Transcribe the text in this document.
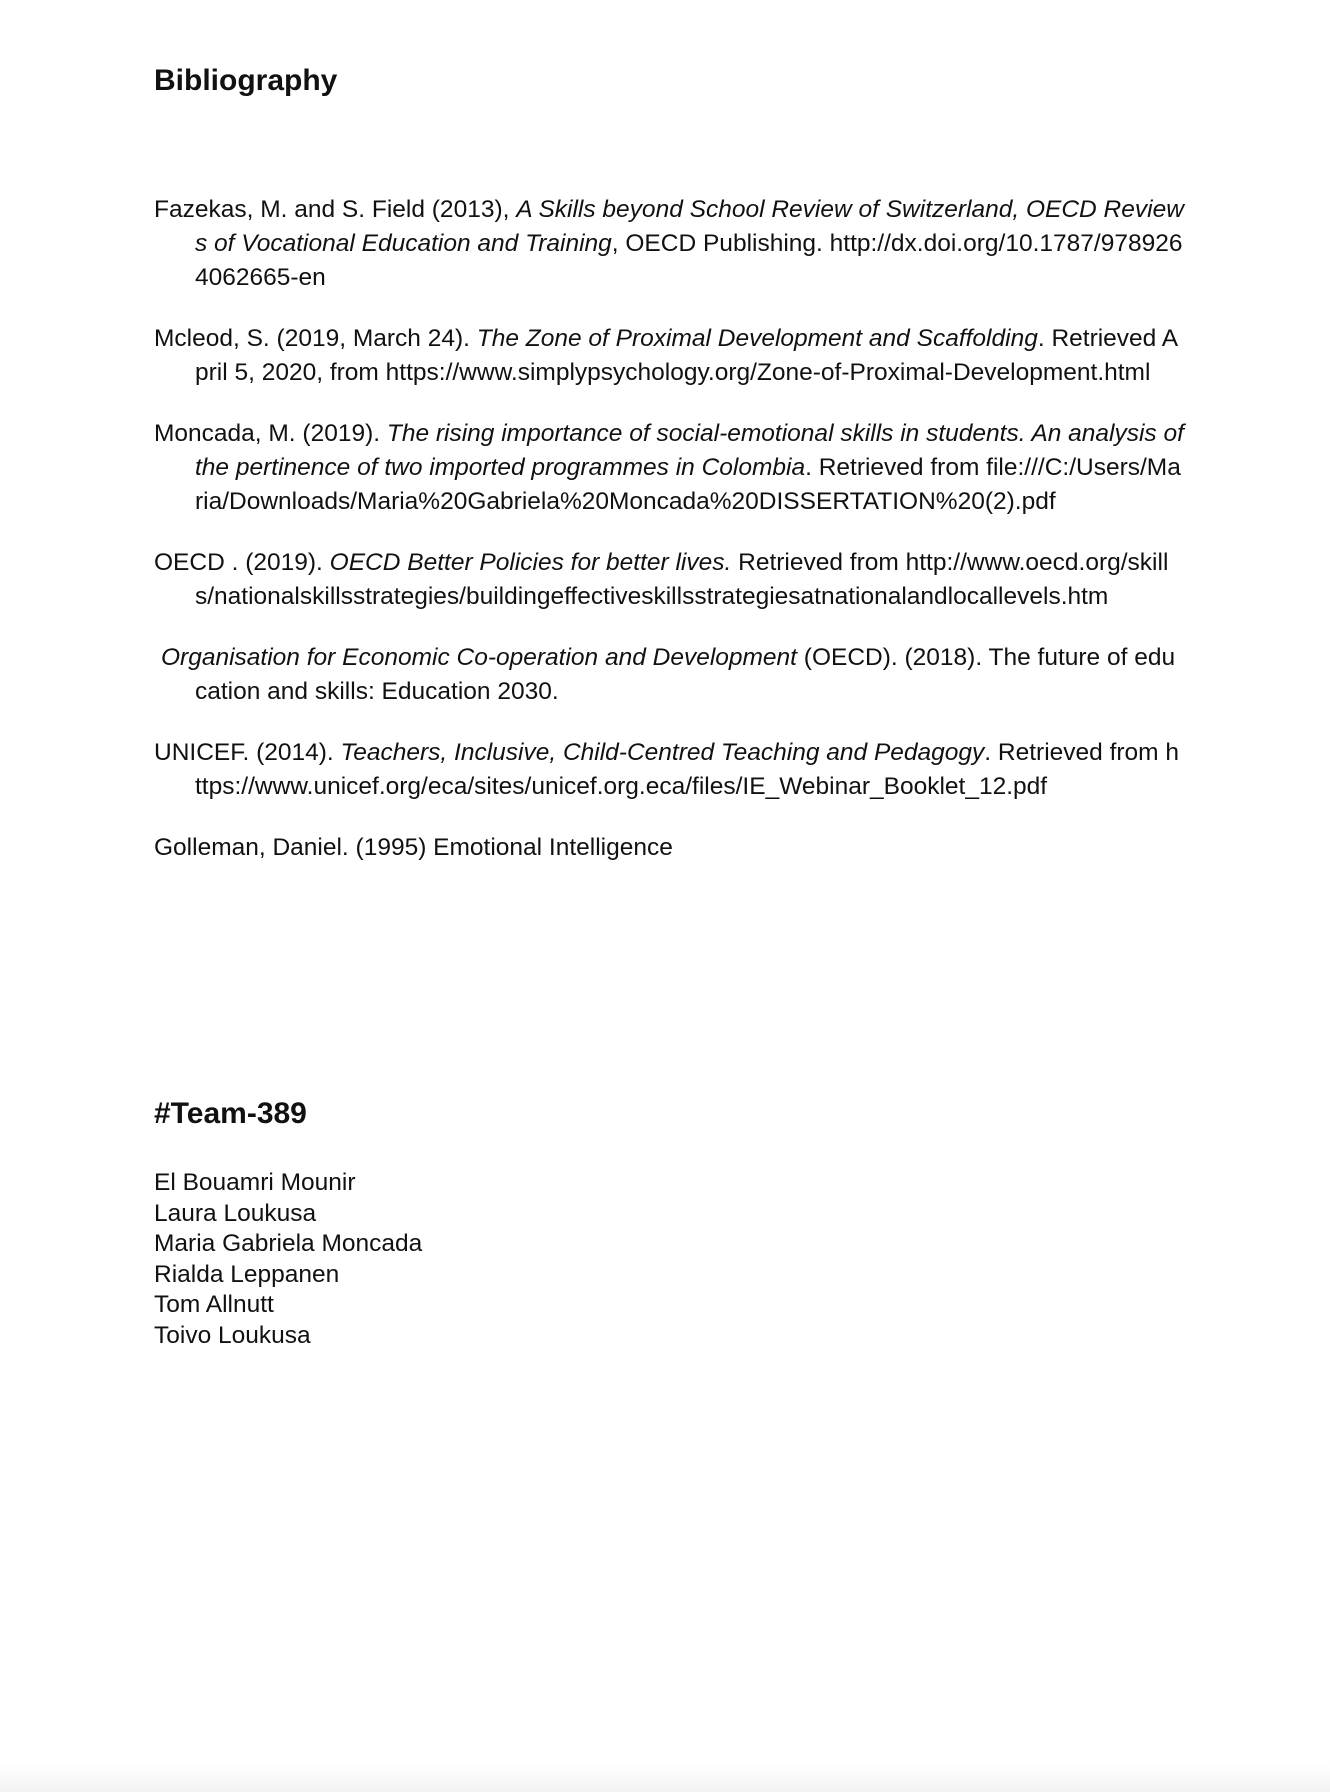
Bibliography
Fazekas, M. and S. Field (2013), A Skills beyond School Review of Switzerland, OECD Reviews of Vocational Education and Training, OECD Publishing. http://dx.doi.org/10.1787/9789264062665-en
Mcleod, S. (2019, March 24). The Zone of Proximal Development and Scaffolding. Retrieved April 5, 2020, from https://www.simplypsychology.org/Zone-of-Proximal-Development.html
Moncada, M. (2019). The rising importance of social-emotional skills in students. An analysis of the pertinence of two imported programmes in Colombia. Retrieved from file:///C:/Users/Maria/Downloads/Maria%20Gabriela%20Moncada%20DISSERTATION%20(2).pdf
OECD . (2019). OECD Better Policies for better lives. Retrieved from http://www.oecd.org/skills/nationalskillsstrategies/buildingeffectiveskillsstrategiesatnationalandlocallevels.htm
Organisation for Economic Co-operation and Development (OECD). (2018). The future of education and skills: Education 2030.
UNICEF. (2014). Teachers, Inclusive, Child-Centred Teaching and Pedagogy. Retrieved from https://www.unicef.org/eca/sites/unicef.org.eca/files/IE_Webinar_Booklet_12.pdf
Golleman, Daniel. (1995) Emotional Intelligence
#Team-389
El Bouamri Mounir
Laura Loukusa
Maria Gabriela Moncada
Rialda Leppanen
Tom Allnutt
Toivo Loukusa
